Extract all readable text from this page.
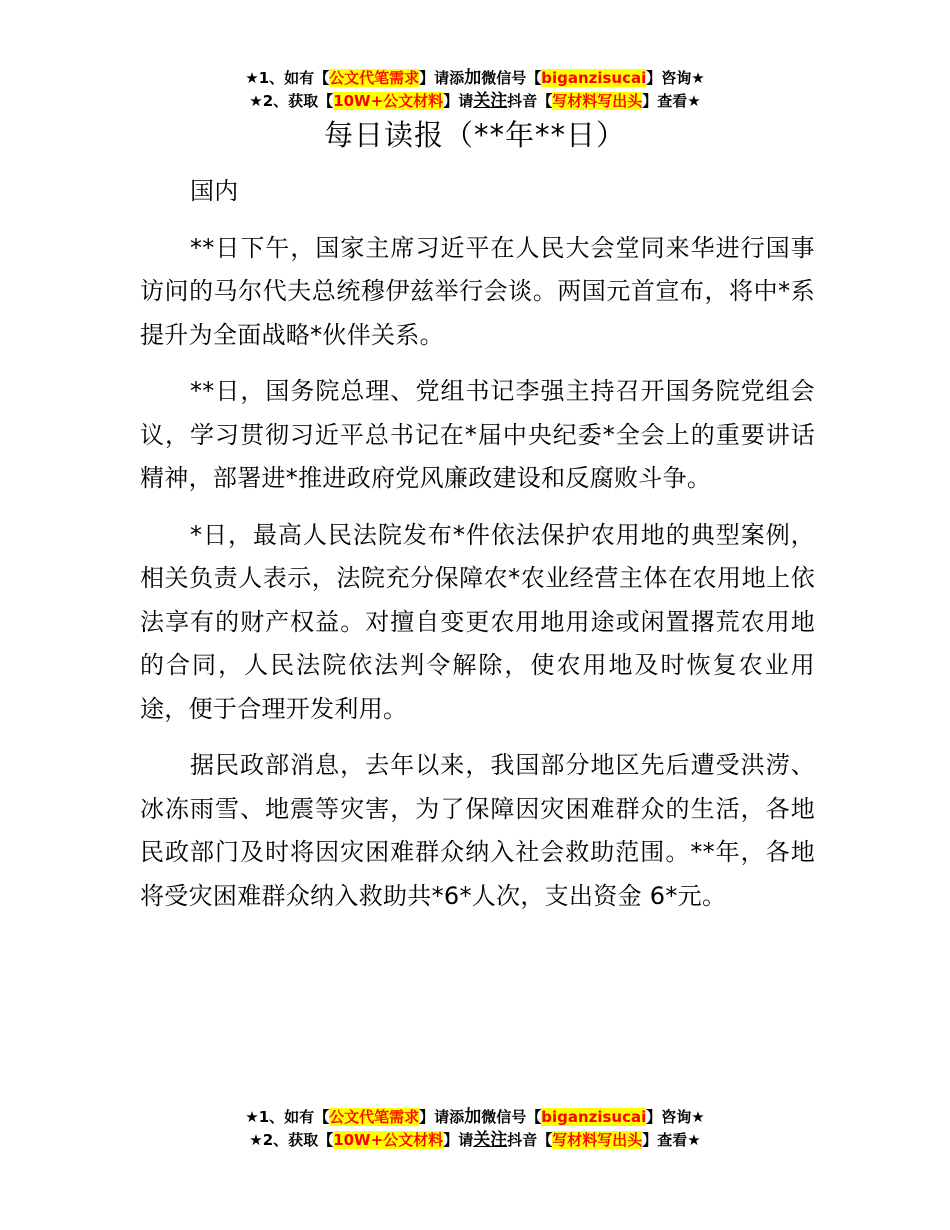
★1、如有【公文代笔需求】请添加微信号【biganzisucai】咨询★
★2、获取【10W+公文材料】请关注抖音【写材料写出头】查看★
每日读报（**年**日）

国内

**日下午，国家主席习近平在人民大会堂同来华进行国事访问的马尔代夫总统穆伊兹举行会谈。两国元首宣布，将中*系提升为全面战略*伙伴关系。

**日，国务院总理、党组书记李强主持召开国务院党组会议，学习贯彻习近平总书记在*届中央纪委*全会上的重要讲话精神，部署进*推进政府党风廉政建设和反腐败斗争。

*日，最高人民法院发布*件依法保护农用地的典型案例，相关负责人表示，法院充分保障农*农业经营主体在农用地上依法享有的财产权益。对擅自变更农用地用途或闲置撂荒农用地的合同，人民法院依法判令解除，使农用地及时恢复农业用途，便于合理开发利用。

据民政部消息，去年以来，我国部分地区先后遭受洪涝、冰冻雨雪、地震等灾害，为了保障因灾困难群众的生活，各地民政部门及时将因灾困难群众纳入社会救助范围。**年，各地将受灾困难群众纳入救助共*6*人次，支出资金 6*元。

★1、如有【公文代笔需求】请添加微信号【biganzisucai】咨询★
★2、获取【10W+公文材料】请关注抖音【写材料写出头】查看★
